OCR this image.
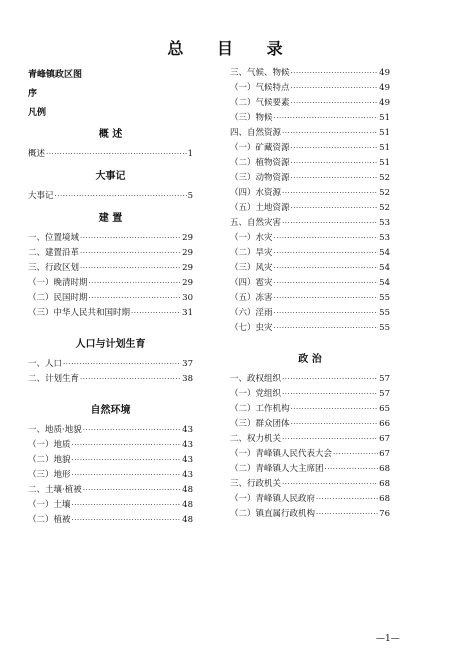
总 目 录
青峰镇政区图
序
凡例
概 述
概述 ·····	1
大事记
大事记 ·····	5
建 置
一、位置境域 ·····	29
二、建置沿革 ·····	29
三、行政区划 ·····	29
（一）晚清时期 ·····	29
（二）民国时期 ·····	30
（三）中华人民共和国时期 ·····	31
人口与计划生育
一、人口 ·····	37
二、计划生育 ·····	38
自然环境
一、地质·地貌 ·····	43
（一）地质 ·····	43
（二）地貌 ·····	43
（三）地形 ·····	43
二、土壤·植被 ·····	48
（一）土壤 ·····	48
（二）植被 ·····	48
三、气候、物候 ·····	49
（一）气候特点 ·····	49
（二）气候要素 ·····	49
（三）物候 ·····	51
四、自然资源 ·····	51
（一）矿藏资源 ·····	51
（二）植物资源 ·····	51
（三）动物资源 ·····	52
（四）水资源 ·····	52
（五）土地资源 ·····	52
五、自然灾害 ·····	53
（一）水灾 ·····	53
（二）旱灾 ·····	54
（三）风灾 ·····	54
（四）雹灾 ·····	54
（五）冻害 ·····	55
（六）淫雨 ·····	55
（七）虫灾 ·····	55
政 治
一、政权组织 ·····	57
（一）党组织 ·····	57
（二）工作机构 ·····	65
（三）群众团体 ·····	66
二、权力机关 ·····	67
（一）青峰镇人民代表大会 ·····	67
（二）青峰镇人大主席团 ·····	68
三、行政机关 ·····	68
（一）青峰镇人民政府 ·····	68
（二）镇直属行政机构 ·····	76
—1—
